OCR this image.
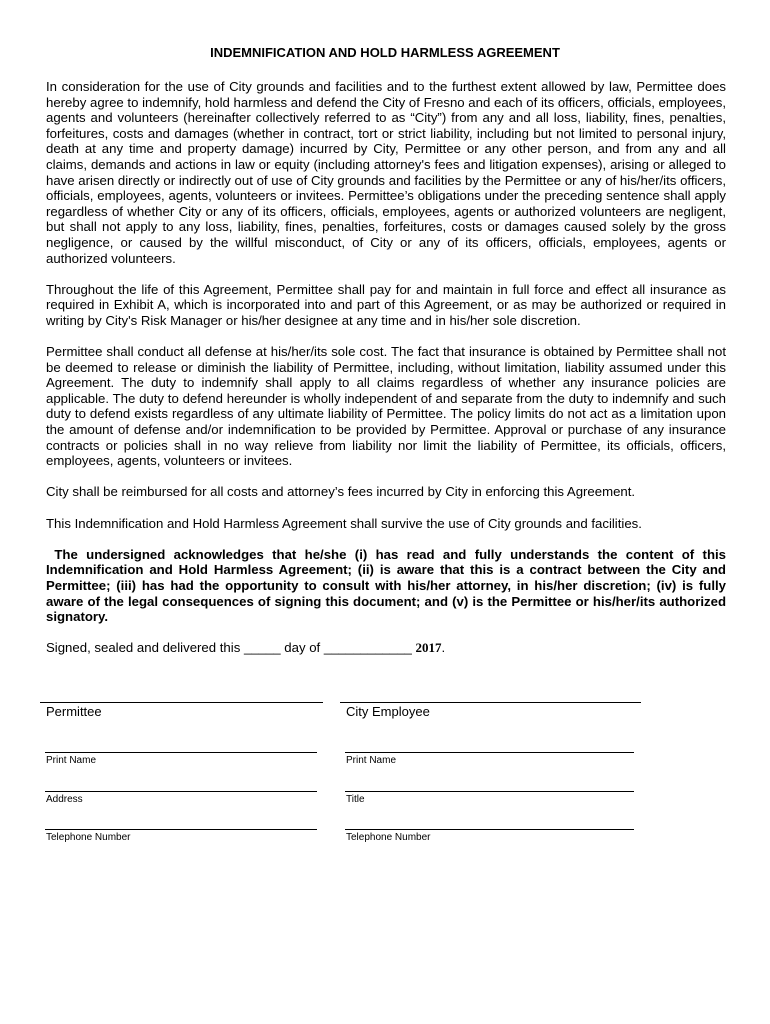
INDEMNIFICATION AND HOLD HARMLESS AGREEMENT

In consideration for the use of City grounds and facilities and to the furthest extent allowed by law, Permittee does hereby agree to indemnify, hold harmless and defend the City of Fresno and each of its officers, officials, employees, agents and volunteers (hereinafter collectively referred to as “City”) from any and all loss, liability, fines, penalties, forfeitures, costs and damages (whether in contract, tort or strict liability, including but not limited to personal injury, death at any time and property damage) incurred by City, Permittee or any other person, and from any and all claims, demands and actions in law or equity (including attorney's fees and litigation expenses), arising or alleged to have arisen directly or indirectly out of use of City grounds and facilities by the Permittee or any of his/her/its officers, officials, employees, agents, volunteers or invitees. Permittee’s obligations under the preceding sentence shall apply regardless of whether City or any of its officers, officials, employees, agents or authorized volunteers are negligent, but shall not apply to any loss, liability, fines, penalties, forfeitures, costs or damages caused solely by the gross negligence, or caused by the willful misconduct, of City or any of its officers, officials, employees, agents or authorized volunteers.

Throughout the life of this Agreement, Permittee shall pay for and maintain in full force and effect all insurance as required in Exhibit A, which is incorporated into and part of this Agreement, or as may be authorized or required in writing by City's Risk Manager or his/her designee at any time and in his/her sole discretion.

Permittee shall conduct all defense at his/her/its sole cost. The fact that insurance is obtained by Permittee shall not be deemed to release or diminish the liability of Permittee, including, without limitation, liability assumed under this Agreement. The duty to indemnify shall apply to all claims regardless of whether any insurance policies are applicable. The duty to defend hereunder is wholly independent of and separate from the duty to indemnify and such duty to defend exists regardless of any ultimate liability of Permittee. The policy limits do not act as a limitation upon the amount of defense and/or indemnification to be provided by Permittee. Approval or purchase of any insurance contracts or policies shall in no way relieve from liability nor limit the liability of Permittee, its officials, officers, employees, agents, volunteers or invitees.

City shall be reimbursed for all costs and attorney’s fees incurred by City in enforcing this Agreement.

This Indemnification and Hold Harmless Agreement shall survive the use of City grounds and facilities.

The undersigned acknowledges that he/she (i) has read and fully understands the content of this Indemnification and Hold Harmless Agreement; (ii) is aware that this is a contract between the City and Permittee; (iii) has had the opportunity to consult with his/her attorney, in his/her discretion; (iv) is fully aware of the legal consequences of signing this document; and (v) is the Permittee or his/her/its authorized signatory.

Signed, sealed and delivered this _____ day of ____________ 2017.

Permittee
Print Name
Address
Telephone Number
City Employee
Print Name
Title
Telephone Number
